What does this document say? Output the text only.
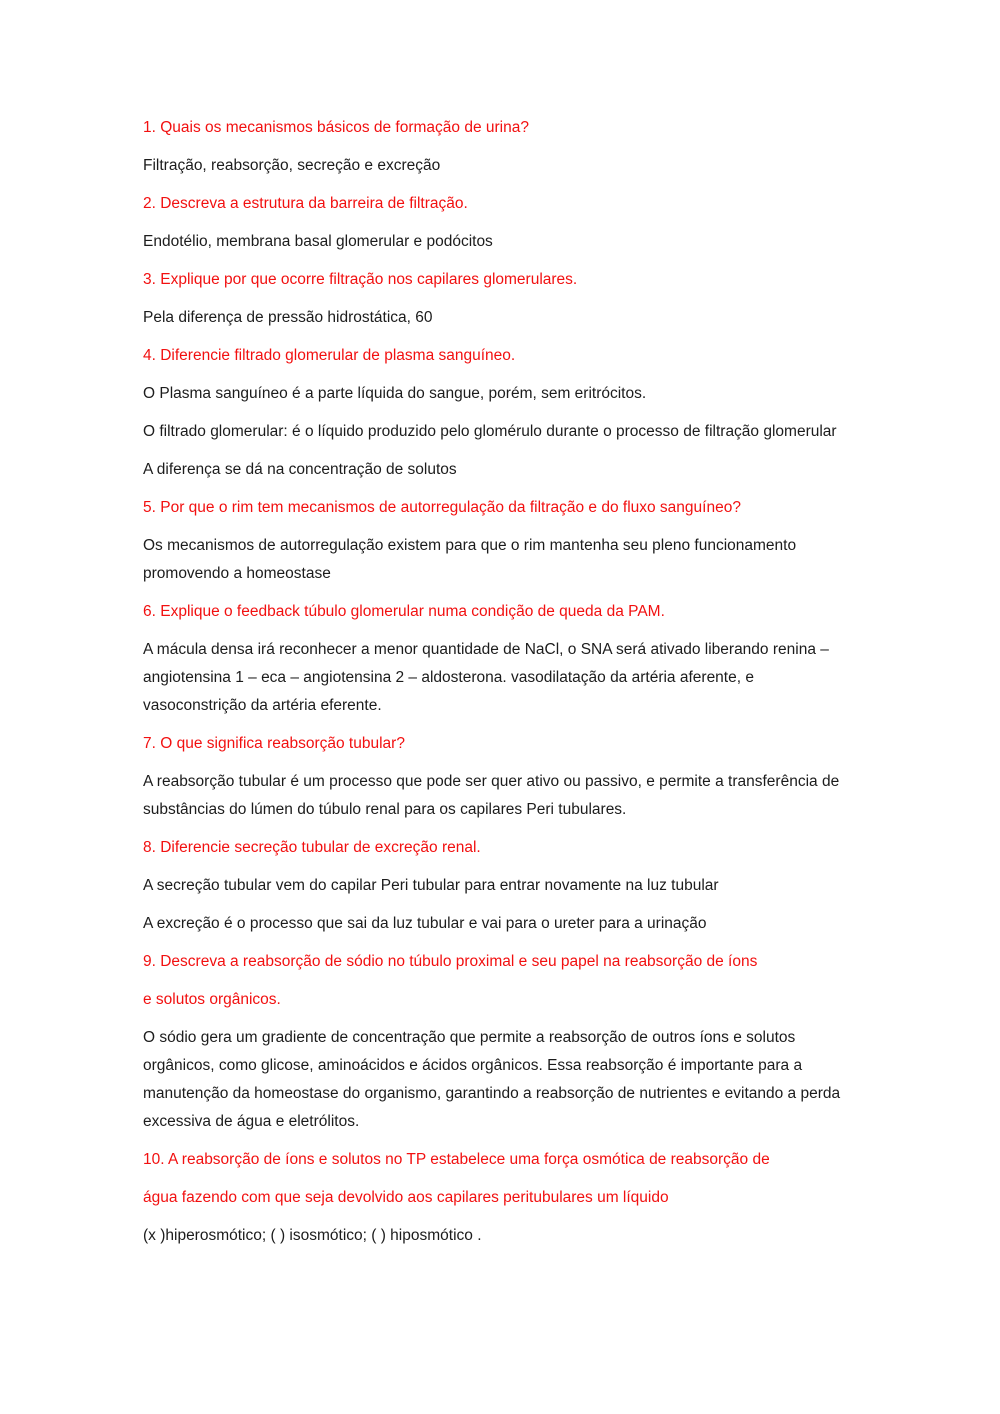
1. Quais os mecanismos básicos de formação de urina?

Filtração, reabsorção, secreção e excreção

2. Descreva a estrutura da barreira de filtração.

Endotélio, membrana basal glomerular e podócitos

3. Explique por que ocorre filtração nos capilares glomerulares.

Pela diferença de pressão hidrostática, 60

4. Diferencie filtrado glomerular de plasma sanguíneo.

O Plasma sanguíneo é a parte líquida do sangue, porém, sem eritrócitos.

O filtrado glomerular: é o líquido produzido pelo glomérulo durante o processo de filtração glomerular

A diferença se dá na concentração de solutos

5. Por que o rim tem mecanismos de autorregulação da filtração e do fluxo sanguíneo?

Os mecanismos de autorregulação existem para que o rim mantenha seu pleno funcionamento promovendo a homeostase

6. Explique o feedback túbulo glomerular numa condição de queda da PAM.

A mácula densa irá reconhecer a menor quantidade de NaCl, o SNA será ativado liberando renina – angiotensina 1 – eca – angiotensina 2 – aldosterona. vasodilatação da artéria aferente, e vasoconstrição da artéria eferente.

7. O que significa reabsorção tubular?

A reabsorção tubular é um processo que pode ser quer ativo ou passivo, e permite a transferência de substâncias do lúmen do túbulo renal para os capilares Peri tubulares.

8. Diferencie secreção tubular de excreção renal.

A secreção tubular vem do capilar Peri tubular para entrar novamente na luz tubular

A excreção é o processo que sai da luz tubular e vai para o ureter para a urinação

9. Descreva a reabsorção de sódio no túbulo proximal e seu papel na reabsorção de íons

e solutos orgânicos.

O sódio gera um gradiente de concentração que permite a reabsorção de outros íons e solutos orgânicos, como glicose, aminoácidos e ácidos orgânicos. Essa reabsorção é importante para a manutenção da homeostase do organismo, garantindo a reabsorção de nutrientes e evitando a perda excessiva de água e eletrólitos.

10. A reabsorção de íons e solutos no TP estabelece uma força osmótica de reabsorção de

água fazendo com que seja devolvido aos capilares peritubulares um líquido

(x )hiperosmótico; ( ) isosmótico; ( ) hiposmótico .
